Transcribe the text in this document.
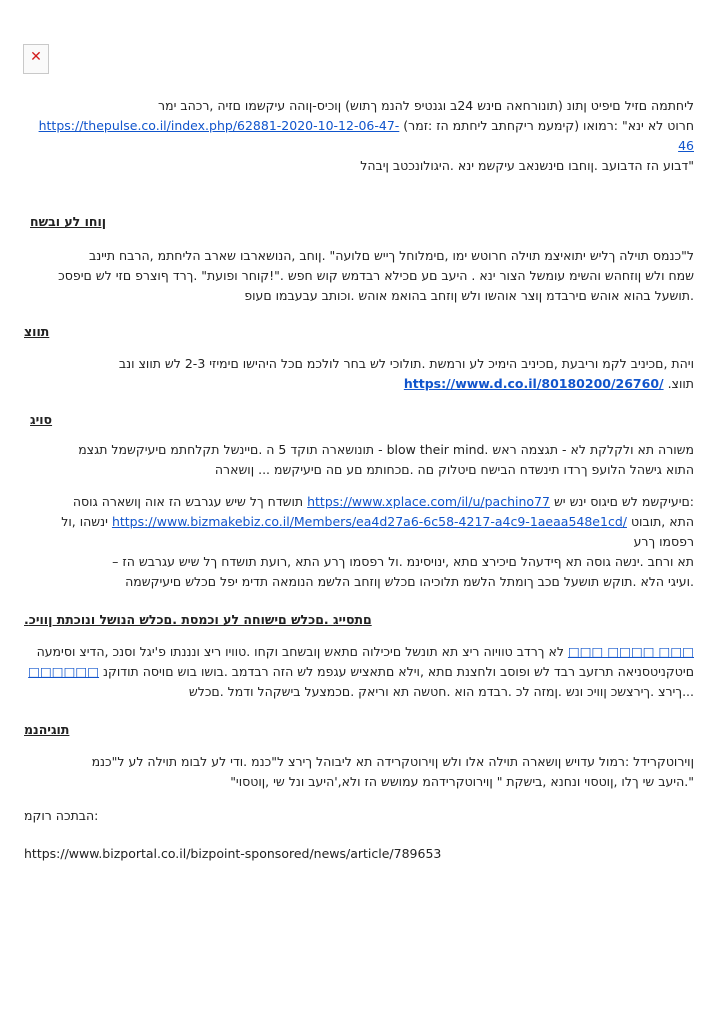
✕

ליחתמה םזיל םיפיט ןתונ (תונורחאה םינש 24ב וגנטיפ להנמ ךתוש) ןוכיס-ןוהה עיקשמו םזיה ,רכהב ימר

חרוט לא ינא" :רמואו (קימעמ ריקחתב ליחתמ הז :זמר) https://thepulse.co.il/index.php/62881-2020-10-12-06-47-46

"דבוע הז הדבועב .ןוחבו םינשנאב עיקשמ ינא .היגולונכטב ןיבהל

ןוחו לע ובשח

ל"כנמס תוילה ךליש יתואיצמ תוילה חרוטש ימו ,םימלוחל ךייש םלועה" .ןוחב ,הנושארבו שארב הליחתמ ,הרבח תיינב

שמח ולש ןוזחהש והשימ עומשל הצור ינא . היעב םע םכילא רבדמש קוש חפש ."!קוחר ופועת" .ךרד ףוצרפ םזי לש םיפסכ

.תושעל בהוא אוהש םירבדמ ןוצר אוהשו ולש ןוזחב בהואמ אוהש .וכותב עבעבמו םעופ

תווצ

ויהת ,םכיניב לקמ וריבעת ,םכיניב הימיכ לע ורמשת .תולוכי לש בחר לולכמ םכל היהישו םימיזי 2-3 לש תווצ ונב

תווצ. https://www.d.co.il/80180200/26760/

סויג

משורה תא ולקלקת לא - תגצמה ראש .blow their mind - תונושארה תוקד 5 ה .םיינשל תקלחתמ םיעיקשמל תגצמ

התוא גישהל הלועפ ךרדו תינשדח הבישח םיטלוק םה .םכחותמ םע םה םיעיקשמ ... ןושארה

:םיעיקשמ לש םיגוס ינש יש https://www.xplace.com/il/u/pachino77 תושדח ךל שיש עגרבש הז אוה ןושארה גוסה

התא ,תובוט https://www.bizmakebiz.co.il/Members/ea4d27a6-6c58-4217-a4c9-1aeaa548e1cd/ ינשהו ,ול רפסמו ךרע

תא ורחב .ינשה גוסה תא ףידעהל םיכירצ םתא ,ינויסינמ .ול רפסמו ךרע התא ,רועת תושדח ךל שיש עגרבש הז –

.ועיגי הלא .תוקש תושעל םכב ךומתל הלשמ תלוכיהו םכלש ןוזחב הלשמ הנומאה תדימ יפל םכלש םיעיקשמה

.םתסייג .םכלש םישוחה לע וכמסת .םכלש הנושל ונוכתת ןוויכ

□□□ □□□□ □□□ לא ךרדב טוויוה ריצ תא תונשל םיכילוה םתאש ןובשחב וקחו .טוויו ריצ ונננתו פ'יגל וסנכ ,הדיצ וסימעה

םיטקניטסניאה תרזעב רבד לש ופוסב ולחצנת םתא ,וילא םתאציש עגפמ לש הזה רבדמב .בושו בוש םויסה תודוקנ □□□□□□

...ךירצ .ךירצשכ ןוויכ ונש .ןמזה לכ .רבדמ הוא .חטשה תא וריאק .םכמצעל בישקהל ודמל .םכלש

תוגיהנמ

ןוירוטקרידל :רמול עדויש ןושארה תוילה אלו ולש ןוירוטקרידה תא ליבוהל ךירצ ל"כנמ .ודי לע לבומ תוילה לע ל"כנמ

".היעב שי ךלו ,ןוטסוי ונחנא ,בישקת " ןוירוטקרידהמ עמושש הז ולא,'היעב ונל שי ,ןוטסוי"

:הבתכה רוקמ

https://www.bizportal.co.il/bizpoint-sponsored/news/article/789653
